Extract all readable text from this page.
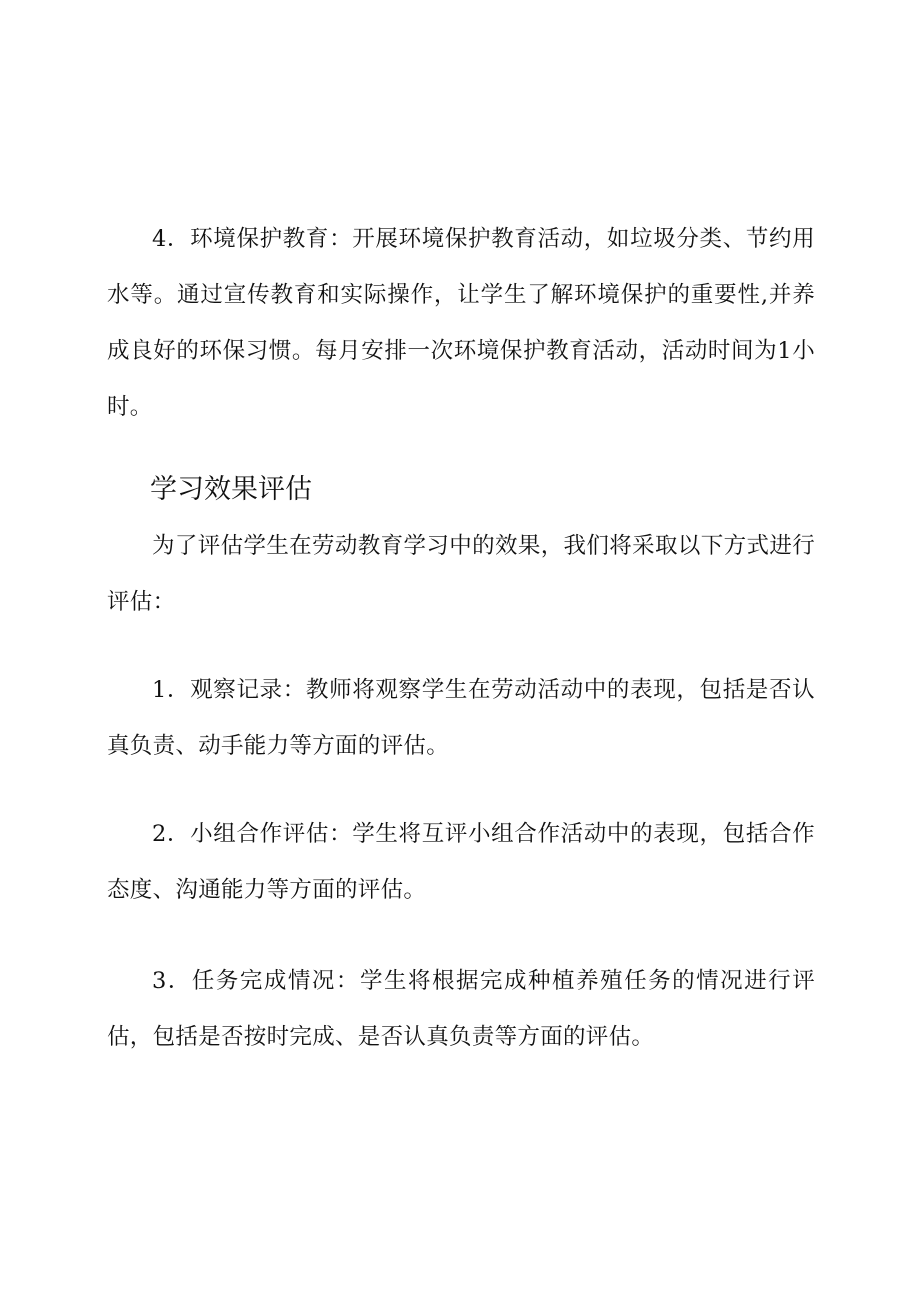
4．环境保护教育：开展环境保护教育活动，如垃圾分类、节约用水等。通过宣传教育和实际操作，让学生了解环境保护的重要性,并养成良好的环保习惯。每月安排一次环境保护教育活动，活动时间为1小时。

学习效果评估

为了评估学生在劳动教育学习中的效果，我们将采取以下方式进行评估：

1．观察记录：教师将观察学生在劳动活动中的表现，包括是否认真负责、动手能力等方面的评估。

2．小组合作评估：学生将互评小组合作活动中的表现，包括合作态度、沟通能力等方面的评估。

3．任务完成情况：学生将根据完成种植养殖任务的情况进行评估，包括是否按时完成、是否认真负责等方面的评估。
